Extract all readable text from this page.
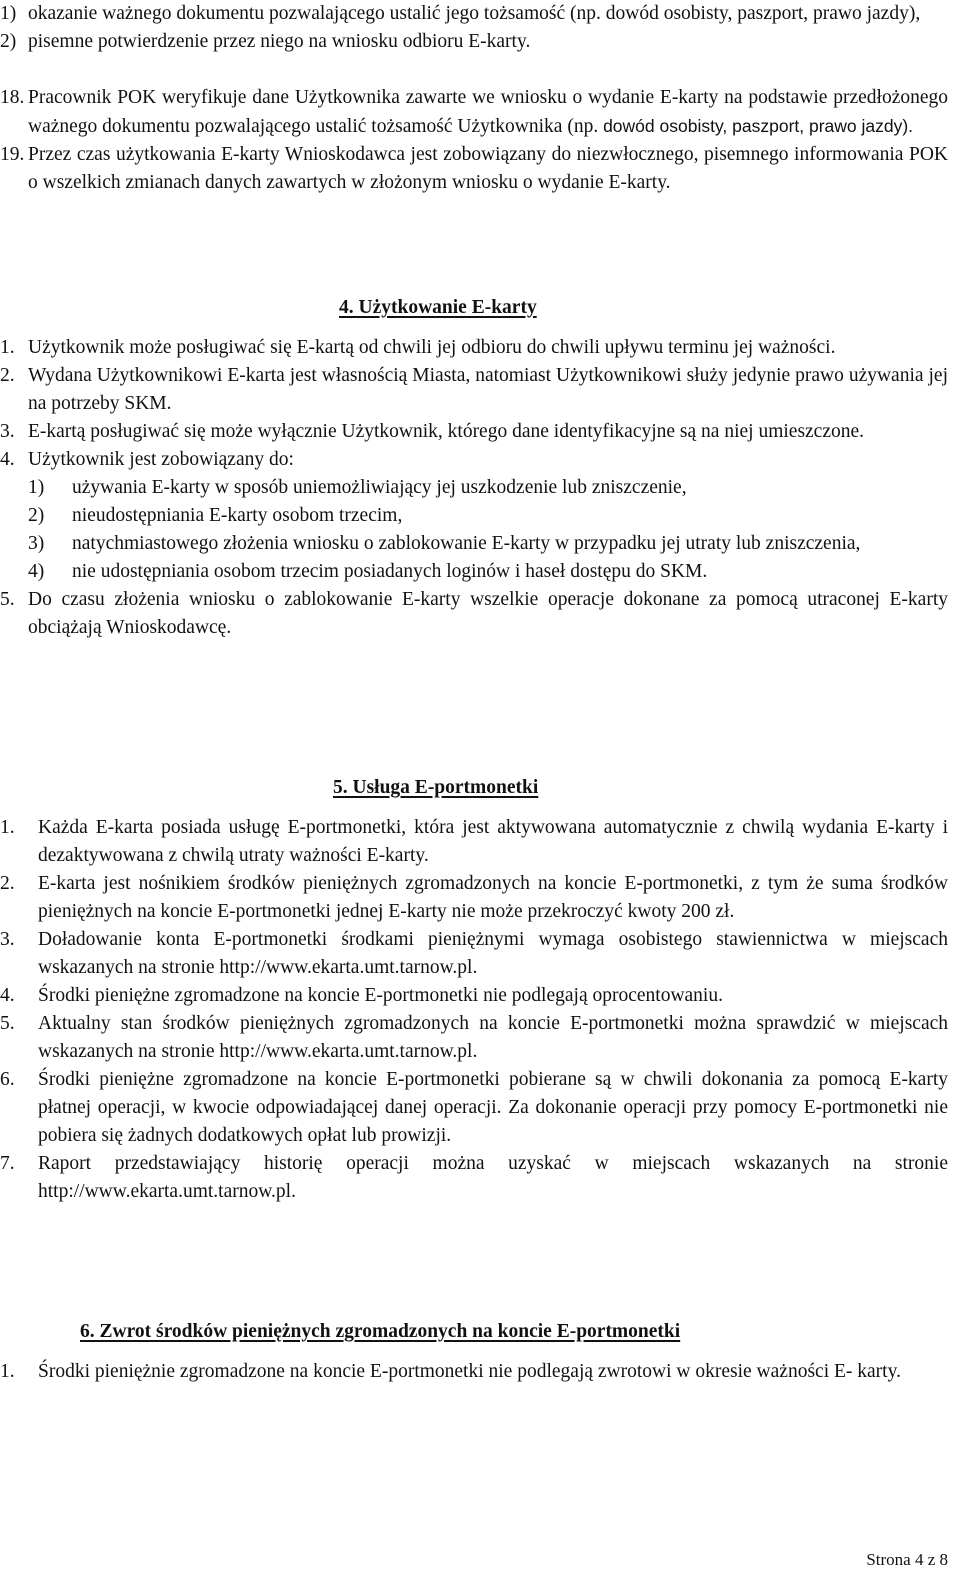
1) okazanie ważnego dokumentu pozwalającego ustalić jego tożsamość (np. dowód osobisty, paszport, prawo jazdy),

2) pisemne potwierdzenie przez niego na wniosku odbioru E-karty.

18. Pracownik POK weryfikuje dane Użytkownika zawarte we wniosku o wydanie E-karty na podstawie przedłożonego ważnego dokumentu pozwalającego ustalić tożsamość Użytkownika (np. dowód osobisty, paszport, prawo jazdy).

19. Przez czas użytkowania E-karty Wnioskodawca jest zobowiązany do niezwłocznego, pisemnego informowania POK o wszelkich zmianach danych zawartych w złożonym wniosku o wydanie E-karty.

4. Użytkowanie E-karty

1. Użytkownik może posługiwać się E-kartą od chwili jej odbioru do chwili upływu terminu jej ważności.

2. Wydana Użytkownikowi E-karta jest własnością Miasta, natomiast Użytkownikowi służy jedynie prawo używania jej na potrzeby SKM.

3. E-kartą posługiwać się może wyłącznie Użytkownik, którego dane identyfikacyjne są na niej umieszczone.

4. Użytkownik jest zobowiązany do:

1) używania E-karty w sposób uniemożliwiający jej uszkodzenie lub zniszczenie,

2) nieudostępniania E-karty osobom trzecim,

3) natychmiastowego złożenia wniosku o zablokowanie E-karty w przypadku jej utraty lub zniszczenia,

4) nie udostępniania osobom trzecim posiadanych loginów i haseł dostępu do SKM.

5. Do czasu złożenia wniosku o zablokowanie E-karty wszelkie operacje dokonane za pomocą utraconej E-karty obciążają Wnioskodawcę.

5. Usługa E-portmonetki

1. Każda E-karta posiada usługę E-portmonetki, która jest aktywowana automatycznie z chwilą wydania E-karty i dezaktywowana z chwilą utraty ważności E-karty.

2. E-karta jest nośnikiem środków pieniężnych zgromadzonych na koncie E-portmonetki, z tym że suma środków pieniężnych na koncie E-portmonetki jednej E-karty nie może przekroczyć kwoty 200 zł.

3. Doładowanie konta E-portmonetki środkami pieniężnymi wymaga osobistego stawiennictwa w miejscach wskazanych na stronie http://www.ekarta.umt.tarnow.pl.

4. Środki pieniężne zgromadzone na koncie E-portmonetki nie podlegają oprocentowaniu.

5. Aktualny stan środków pieniężnych zgromadzonych na koncie E-portmonetki można sprawdzić w miejscach wskazanych na stronie http://www.ekarta.umt.tarnow.pl.

6. Środki pieniężne zgromadzone na koncie E-portmonetki pobierane są w chwili dokonania za pomocą E-karty płatnej operacji, w kwocie odpowiadającej danej operacji. Za dokonanie operacji przy pomocy E-portmonetki nie pobiera się żadnych dodatkowych opłat lub prowizji.

7. Raport przedstawiający historię operacji można uzyskać w miejscach wskazanych na stronie http://www.ekarta.umt.tarnow.pl.

6. Zwrot środków pieniężnych zgromadzonych na koncie E-portmonetki

1. Środki pieniężnie zgromadzone na koncie E-portmonetki nie podlegają zwrotowi w okresie ważności E- karty.

Strona 4 z 8
